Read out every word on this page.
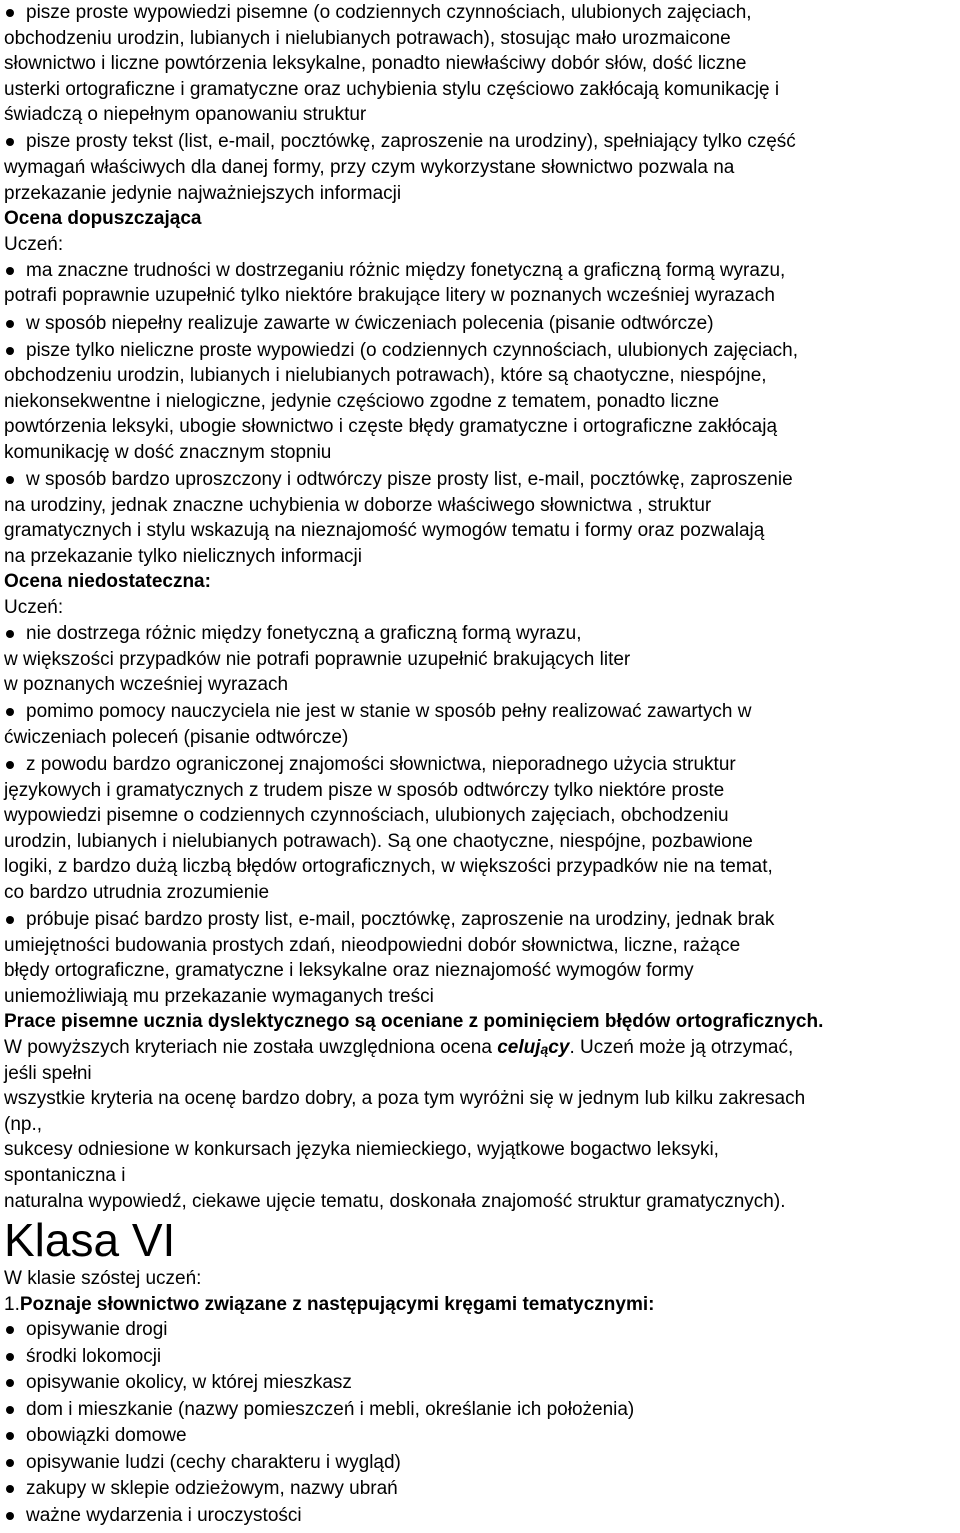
pisze proste wypowiedzi pisemne (o codziennych czynnościach, ulubionych zajęciach,
obchodzeniu urodzin, lubianych i nielubianych potrawach), stosując mało urozmaicone
słownictwo i liczne powtórzenia leksykalne, ponadto niewłaściwy dobór słów, dość liczne
usterki ortograficzne i gramatyczne oraz uchybienia stylu częściowo zakłócają komunikację i
świadczą o niepełnym opanowaniu struktur
pisze prosty tekst (list, e-mail, pocztówkę, zaproszenie na urodziny), spełniający tylko część
wymagań właściwych dla danej formy, przy czym wykorzystane słownictwo pozwala na
przekazanie jedynie najważniejszych informacji
Ocena dopuszczająca
Uczeń:
ma znaczne trudności w dostrzeganiu różnic między fonetyczną a graficzną formą wyrazu,
potrafi poprawnie uzupełnić tylko niektóre brakujące litery w poznanych wcześniej wyrazach
w sposób niepełny realizuje zawarte w ćwiczeniach polecenia (pisanie odtwórcze)
pisze tylko nieliczne proste wypowiedzi (o codziennych czynnościach, ulubionych zajęciach,
obchodzeniu urodzin, lubianych i nielubianych potrawach), które są chaotyczne, niespójne,
niekonsekwentne i nielogiczne, jedynie częściowo zgodne z tematem, ponadto liczne
powtórzenia leksyki, ubogie słownictwo i częste błędy gramatyczne i ortograficzne zakłócają
komunikację w dość znacznym stopniu
w sposób bardzo uproszczony i odtwórczy pisze prosty list, e-mail, pocztówkę, zaproszenie
na urodziny, jednak znaczne uchybienia w doborze właściwego słownictwa , struktur
gramatycznych i stylu wskazują na nieznajomość wymogów tematu i formy oraz pozwalają
na przekazanie tylko nielicznych informacji
Ocena niedostateczna:
Uczeń:
nie dostrzega różnic między fonetyczną a graficzną formą wyrazu,
w większości przypadków nie potrafi poprawnie uzupełnić brakujących liter
w poznanych wcześniej wyrazach
pomimo pomocy nauczyciela nie jest w stanie w sposób pełny realizować zawartych w
ćwiczeniach poleceń (pisanie odtwórcze)
z powodu bardzo ograniczonej znajomości słownictwa, nieporadnego użycia struktur
językowych i gramatycznych z trudem pisze w sposób odtwórczy tylko niektóre proste
wypowiedzi pisemne o codziennych czynnościach, ulubionych zajęciach, obchodzeniu
urodzin, lubianych i nielubianych potrawach). Są one chaotyczne, niespójne, pozbawione
logiki, z bardzo dużą liczbą błędów ortograficznych, w większości przypadków nie na temat,
co bardzo utrudnia zrozumienie
próbuje pisać bardzo prosty list, e-mail, pocztówkę, zaproszenie na urodziny, jednak brak
umiejętności budowania prostych zdań, nieodpowiedni dobór słownictwa, liczne, rażące
błędy ortograficzne, gramatyczne i leksykalne oraz nieznajomość wymogów formy
uniemożliwiają mu przekazanie wymaganych treści
Prace pisemne ucznia dyslektycznego są oceniane z pominięciem błędów ortograficznych.
W powyższych kryteriach nie została uwzględniona ocena celujący. Uczeń może ją otrzymać,
jeśli spełni
wszystkie kryteria na ocenę bardzo dobry, a poza tym wyróżni się w jednym lub kilku zakresach
(np.,
sukcesy odniesione w konkursach języka niemieckiego, wyjątkowe bogactwo leksyki,
spontaniczna i
naturalna wypowiedź, ciekawe ujęcie tematu, doskonała znajomość struktur gramatycznych).
Klasa VI
W klasie szóstej uczeń:
1.Poznaje słownictwo związane z następującymi kręgami tematycznymi:
opisywanie drogi
środki lokomocji
opisywanie okolicy, w której mieszkasz
dom i mieszkanie (nazwy pomieszczeń i mebli, określanie ich położenia)
obowiązki domowe
opisywanie ludzi (cechy charakteru i wygląd)
zakupy w sklepie odzieżowym, nazwy ubrań
ważne wydarzenia i uroczystości
